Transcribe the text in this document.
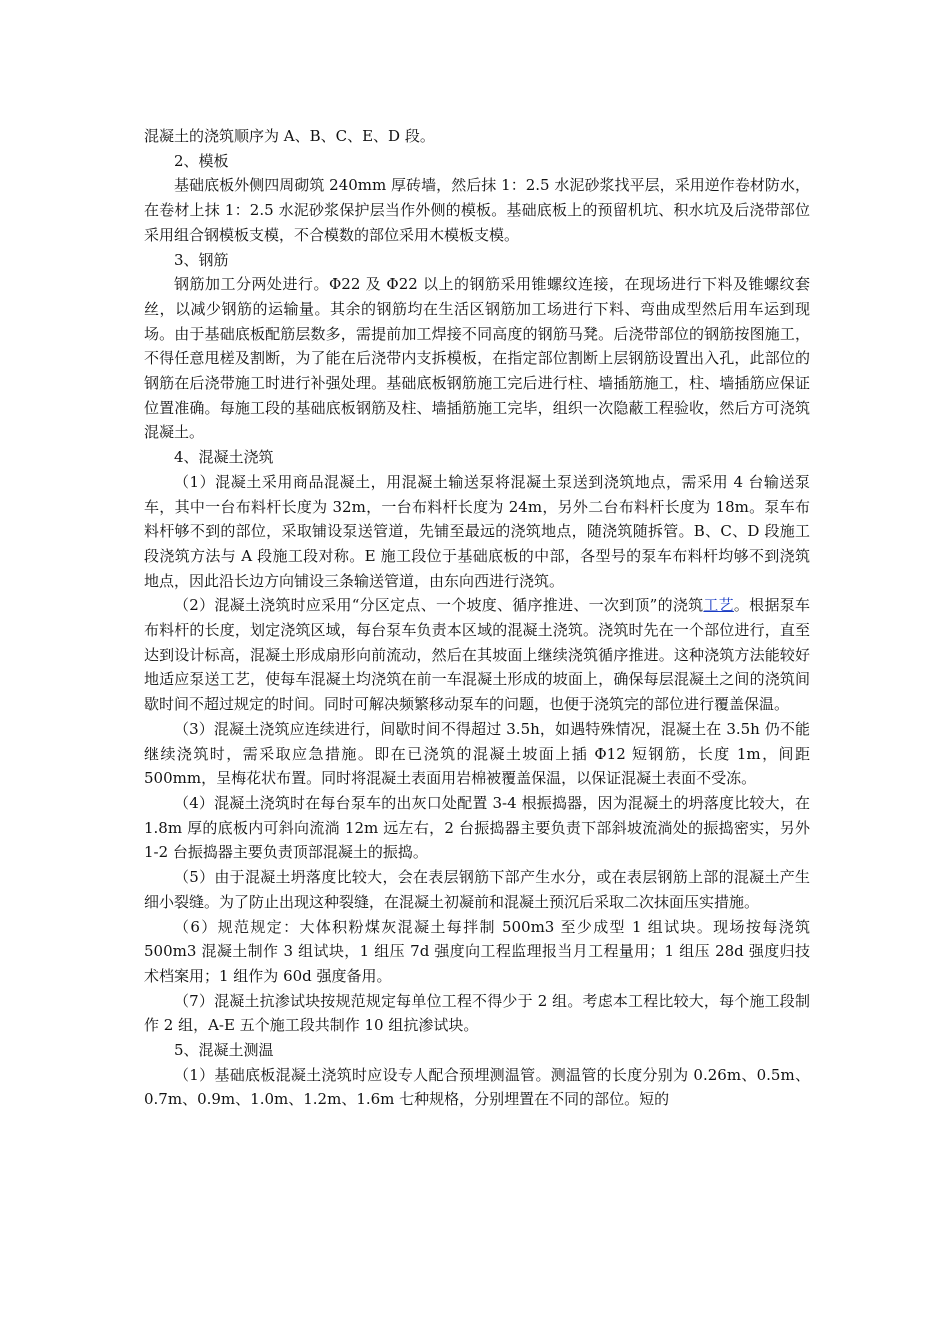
混凝土的浇筑顺序为 A、B、C、E、D 段。

2、模板

基础底板外侧四周砌筑 240mm 厚砖墙，然后抹 1：2.5 水泥砂浆找平层，采用逆作卷材防水，在卷材上抹 1：2.5 水泥砂浆保护层当作外侧的模板。基础底板上的预留机坑、积水坑及后浇带部位采用组合钢模板支模，不合模数的部位采用木模板支模。

3、钢筋

钢筋加工分两处进行。Φ22 及 Φ22 以上的钢筋采用锥螺纹连接，在现场进行下料及锥螺纹套丝，以减少钢筋的运输量。其余的钢筋均在生活区钢筋加工场进行下料、弯曲成型然后用车运到现场。由于基础底板配筋层数多，需提前加工焊接不同高度的钢筋马凳。后浇带部位的钢筋按图施工，不得任意甩槎及割断，为了能在后浇带内支拆模板，在指定部位割断上层钢筋设置出入孔，此部位的钢筋在后浇带施工时进行补强处理。基础底板钢筋施工完后进行柱、墙插筋施工，柱、墙插筋应保证位置准确。每施工段的基础底板钢筋及柱、墙插筋施工完毕，组织一次隐蔽工程验收，然后方可浇筑混凝土。

4、混凝土浇筑

（1）混凝土采用商品混凝土，用混凝土输送泵将混凝土泵送到浇筑地点，需采用 4 台输送泵车，其中一台布料杆长度为 32m，一台布料杆长度为 24m，另外二台布料杆长度为 18m。泵车布料杆够不到的部位，采取铺设泵送管道，先铺至最远的浇筑地点，随浇筑随拆管。B、C、D 段施工段浇筑方法与 A 段施工段对称。E 施工段位于基础底板的中部，各型号的泵车布料杆均够不到浇筑地点，因此沿长边方向铺设三条输送管道，由东向西进行浇筑。

（2）混凝土浇筑时应采用“分区定点、一个坡度、循序推进、一次到顶”的浇筑工艺。根据泵车布料杆的长度，划定浇筑区域，每台泵车负责本区域的混凝土浇筑。浇筑时先在一个部位进行，直至达到设计标高，混凝土形成扇形向前流动，然后在其坡面上继续浇筑循序推进。这种浇筑方法能较好地适应泵送工艺，使每车混凝土均浇筑在前一车混凝土形成的坡面上，确保每层混凝土之间的浇筑间歇时间不超过规定的时间。同时可解决频繁移动泵车的问题，也便于浇筑完的部位进行覆盖保温。

（3）混凝土浇筑应连续进行，间歇时间不得超过 3.5h，如遇特殊情况，混凝土在 3.5h 仍不能继续浇筑时，需采取应急措施。即在已浇筑的混凝土坡面上插 Φ12 短钢筋，长度 1m，间距 500mm，呈梅花状布置。同时将混凝土表面用岩棉被覆盖保温，以保证混凝土表面不受冻。

（4）混凝土浇筑时在每台泵车的出灰口处配置 3-4 根振捣器，因为混凝土的坍落度比较大，在 1.8m 厚的底板内可斜向流淌 12m 远左右，2 台振捣器主要负责下部斜坡流淌处的振捣密实，另外 1-2 台振捣器主要负责顶部混凝土的振捣。

（5）由于混凝土坍落度比较大，会在表层钢筋下部产生水分，或在表层钢筋上部的混凝土产生细小裂缝。为了防止出现这种裂缝，在混凝土初凝前和混凝土预沉后采取二次抹面压实措施。

（6）规范规定：大体积粉煤灰混凝土每拌制 500m3 至少成型 1 组试块。现场按每浇筑 500m3 混凝土制作 3 组试块，1 组压 7d 强度向工程监理报当月工程量用；1 组压 28d 强度归技术档案用；1 组作为 60d 强度备用。

（7）混凝土抗渗试块按规范规定每单位工程不得少于 2 组。考虑本工程比较大，每个施工段制作 2 组，A-E 五个施工段共制作 10 组抗渗试块。

5、混凝土测温

（1）基础底板混凝土浇筑时应设专人配合预埋测温管。测温管的长度分别为 0.26m、0.5m、0.7m、0.9m、1.0m、1.2m、1.6m 七种规格，分别埋置在不同的部位。短的
